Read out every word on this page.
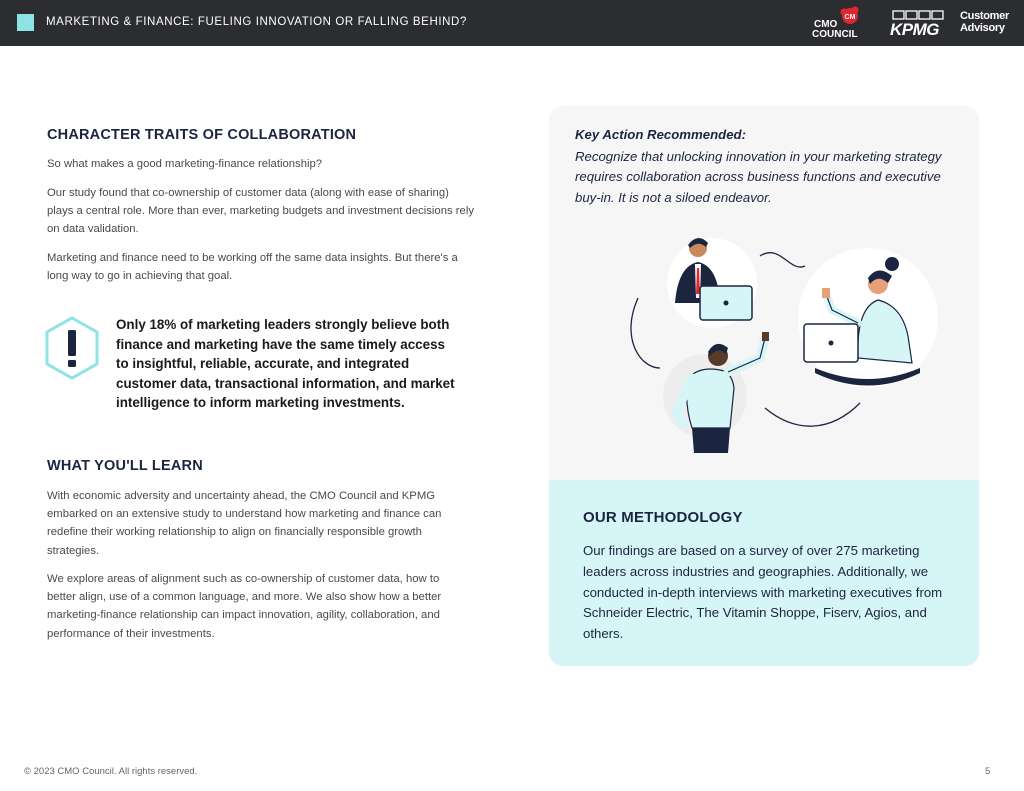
MARKETING & FINANCE: FUELING INNOVATION OR FALLING BEHIND?	CM
CMO
COUNCIL KPMG
Customer
Advisory
CHARACTER TRAITS OF COLLABORATION
So what makes a good marketing-finance relationship?
Our study found that co-ownership of customer data (along with ease of sharing) plays a central role. More than ever, marketing budgets and investment decisions rely on data validation.
Marketing and finance need to be working off the same data insights. But there's a long way to go in achieving that goal.
Only 18% of marketing leaders strongly believe both finance and marketing have the same timely access to insightful, reliable, accurate, and integrated customer data, transactional information, and market intelligence to inform marketing investments.
WHAT YOU'LL LEARN
With economic adversity and uncertainty ahead, the CMO Council and KPMG embarked on an extensive study to understand how marketing and finance can redefine their working relationship to align on financially responsible growth strategies.
We explore areas of alignment such as co-ownership of customer data, how to better align, use of a common language, and more. We also show how a better marketing-finance relationship can impact innovation, agility, collaboration, and performance of their investments.
Key Action Recommended:
Recognize that unlocking innovation in your marketing strategy requires collaboration across business functions and executive buy-in. It is not a siloed endeavor.
OUR METHODOLOGY
Our findings are based on a survey of over 275 marketing leaders across industries and geographies. Additionally, we conducted in-depth interviews with marketing executives from Schneider Electric, The Vitamin Shoppe, Fiserv, Agios, and others.
© 2023 CMO Council. All rights reserved.	5
